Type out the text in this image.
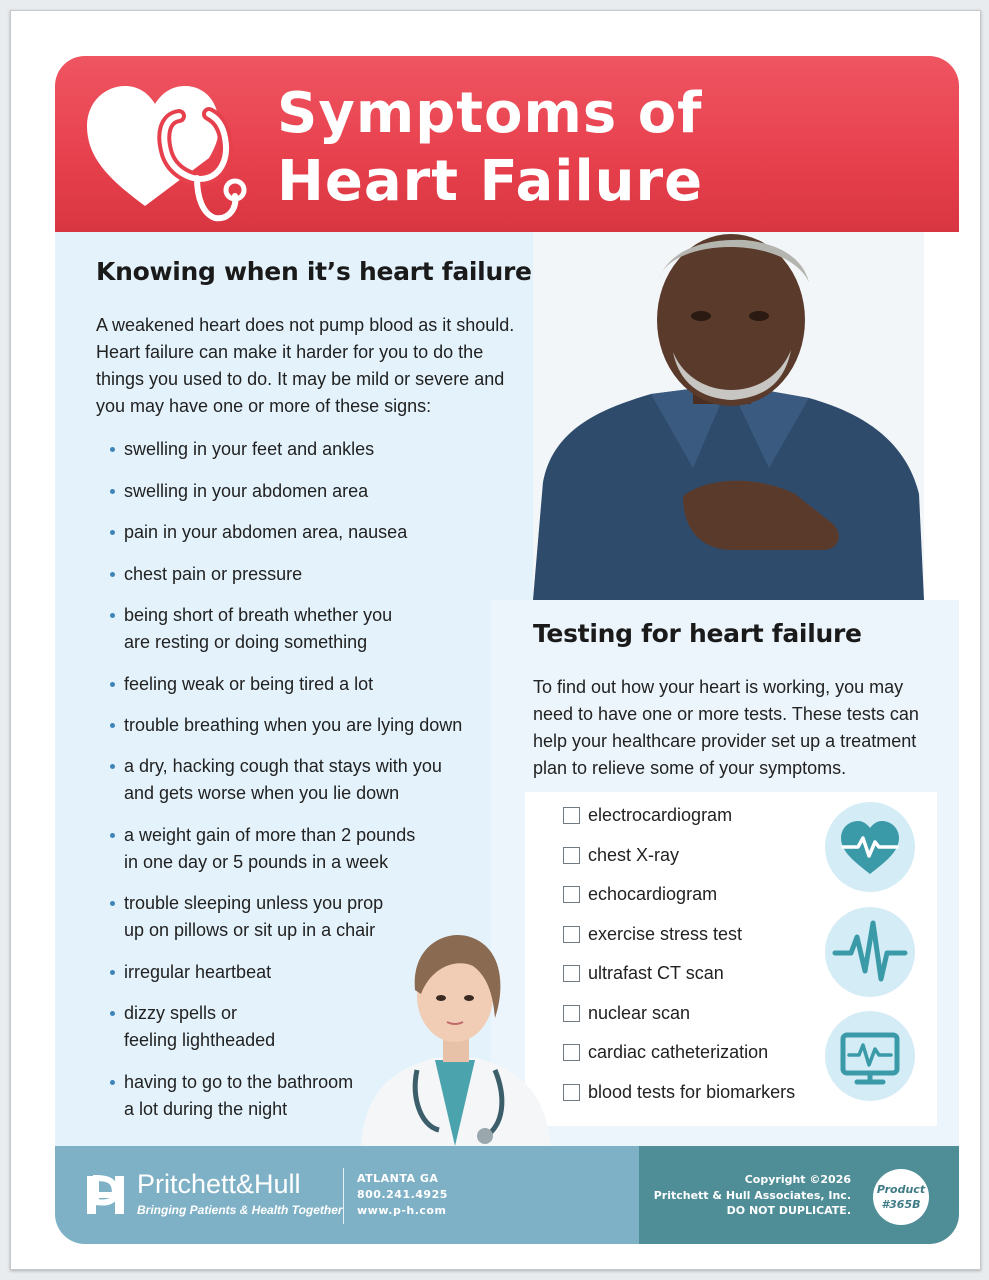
Symptoms of
Heart Failure
Knowing when it’s heart failure

A weakened heart does not pump blood as it should. Heart failure can make it harder for you to do the things you used to do. It may be mild or severe and you may have one or more of these signs:

swelling in your feet and ankles
swelling in your abdomen area
pain in your abdomen area, nausea
chest pain or pressure
being short of breath whether you
are resting or doing something
feeling weak or being tired a lot
trouble breathing when you are lying down
a dry, hacking cough that stays with you
and gets worse when you lie down
a weight gain of more than 2 pounds
in one day or 5 pounds in a week
trouble sleeping unless you prop
up on pillows or sit up in a chair
irregular heartbeat
dizzy spells or
feeling lightheaded
having to go to the bathroom
a lot during the night
Testing for heart failure

To find out how your heart is working, you may need to have one or more tests. These tests can help your healthcare provider set up a treatment plan to relieve some of your symptoms.

electrocardiogram
chest X-ray
echocardiogram
exercise stress test
ultrafast CT scan
nuclear scan
cardiac catheterization
blood tests for biomarkers
Pritchett&Hull
Bringing Patients & Health Together
ATLANTA GA
800.241.4925
www.p-h.com
Copyright ©2026
Pritchett & Hull Associates, Inc.
DO NOT DUPLICATE.
Product
#365B
